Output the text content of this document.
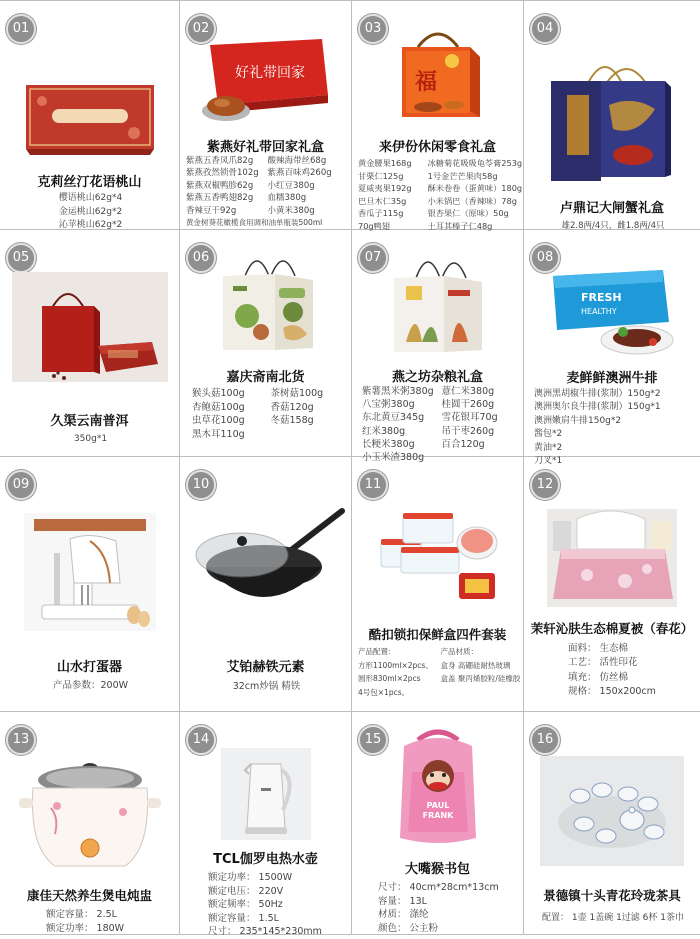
01
克莉丝汀花语桃山
樱语桃山62g*4
金运桃山62g*2
沁苹桃山62g*2
02
好礼带回家
紫燕好礼带回家礼盒
紫燕五香凤爪82g	酸辣海带丝68g
紫燕孜然锁骨102g	紫燕百味鸡260g
紫燕双椒鸭胗62g	小红豆380g
紫燕五香鸭翅82g	血糯380g
香辣豆干92g	小黄米380g
黄金树葵花橄榄食用调和油单瓶装500ml
03
福
来伊份休闲零食礼盒
黄金腰果168g	冰糖菊花吸吸龟苓膏253g
甘栗仁125g	1号金芒芒果肉58g
夏威夷果192g	酥米卷卷（蛋黄味）180g
巴旦木仁35g	小米锅巴（香辣味）78g
香瓜子115g	银杏果仁（原味）50g
70g鸭翅	土耳其榛子仁48g
04
卢鼎记大闸蟹礼盒
雄2.8两/4只，雌1.8两/4只
05
久渠云南普洱
350g*1
06
嘉庆斋南北货
猴头菇100g	茶树菇100g
杏鲍菇100g	香菇120g
虫草花100g	冬菇158g
黑木耳110g
07
燕之坊杂粮礼盒
紫薯黑米粥380g 薏仁米380g
八宝粥380g	桂圆干260g
东北黄豆345g	雪花银耳70g
红米380g	吊干枣260g
长粳米380g	百合120g
小玉米渣380g
08
FRESH
HEALTHY
麦鲜鲜澳洲牛排
澳洲黑胡椒牛排(浆制）150g*2
澳洲奥尔良牛排(浆制）150g*1
澳洲嫩肩牛排150g*2
酱包*2
黄油*2
刀叉*1
09
山水打蛋器
产品参数：200W
10
艾铂赫铁元素
32cm炒锅 精铁
11
酷扣锁扣保鲜盒四件套装
产品配置：	产品材质：
方形1100ml×2pcs、	盒身 高硼硅耐热玻璃
圆形830ml×2pcs	盒盖 聚丙烯胶粒/硅橡胶
4号包×1pcs。
12
茉轩沁肤生态棉夏被（春花）
面料： 生态棉
工艺： 活性印花
填充： 仿丝棉
规格： 150x200cm
13
康佳天然养生煲电炖盅
额定容量： 2.5L
额定功率： 180W
14
TCL伽罗电热水壶
额定功率： 1500W
额定电压： 220V
额定频率： 50Hz
额定容量： 1.5L
尺寸： 235*145*230mm
15
PAUL
FRANK
大嘴猴书包
尺寸： 40cm*28cm*13cm
容量： 13L
材质： 涤纶
颜色： 公主粉
16
景德镇十头青花玲珑茶具
配置： 1壶 1盖碗 1过滤 6杯 1茶巾
